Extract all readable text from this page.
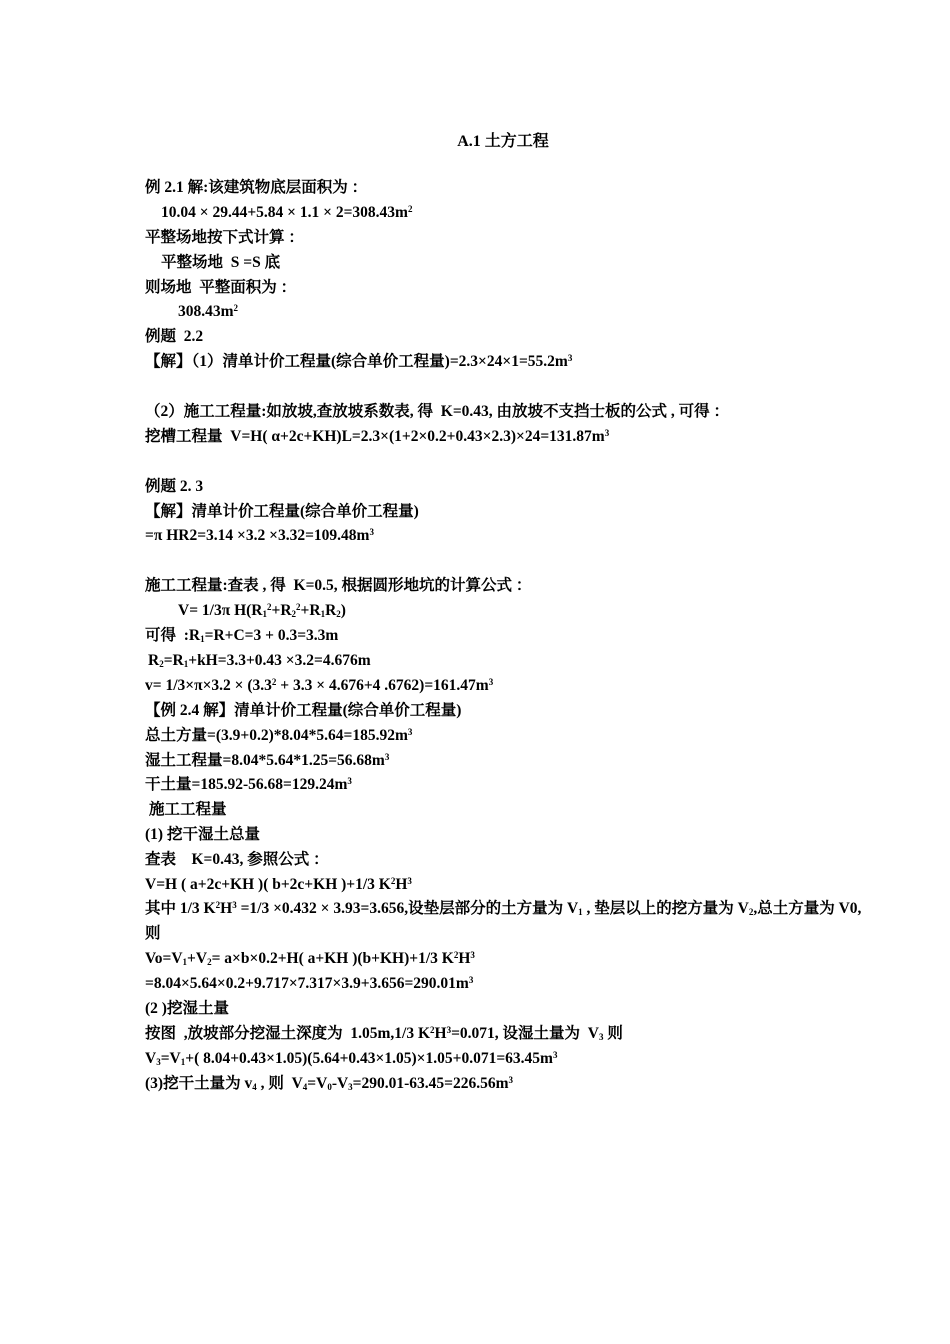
A.1 土方工程
例 2.1 解:该建筑物底层面积为 ：
$10.04 \times 29.44+5.84 \times 1.1 \times 2=308.43m^2$
平整场地按下式计算 ：
平整场地  S =S 底
则场地  平整面积为 ：
$308.43m^2$
例题  2.2
【解】（1）清单计价工程量(综合单价工程量)$=2.3\times 24\times 1=55.2m^3$
（2）施工工程量:如放坡,查放坡系数表, 得  K=0.43, 由放坡不支挡士板的公式 , 可得 ：
挖槽工程量  V=H( $\alpha+2c+KH)L=2.3\times(1+2\times 0.2+0.43\times 2.3)\times 24=131.87m^3$
例题 2. 3
【解】清单计价工程量(综合单价工程量)
=π $HR2=3.14 \times 3.2 \times 3.32=109.48m^3$
施工工程量:查表 , 得  K=0.5, 根据圆形地坑的计算公式 ：
V= 1/3π $H(R_1^2+R_2^2+R_1R_2)$
可得  $:R_1=R+C=3 + 0.3=3.3m$
$R_2=R_1+kH=3.3+0.43 \times 3.2=4.676m$
$v= 1/3\times\pi\times 3.2 \times (3.3^2 + 3.3 \times 4.676+4$ $.6762)=161.47m^3$
【例 2.4 解】清单计价工程量(综合单价工程量)
总土方量$=(3.9+0.2)*8.04*5.64=185.92m^3$
湿土工程量$=8.04*5.64*1.25=56.68m^3$
干土量$=185.92-56.68=129.24m^3$
施工工程量
(1) 挖干湿土总量
查表    K=0.43, 参照公式 ：
V=H ( a+2c+KH )( b+2c+KH )+1/3 $K^2H^3$
其中 1/3 $K^2H^3 =1/3 \times 0.432 \times 3.93=3.656$,设垫层部分的土方量为 $V_1$ , 垫层以上的挖方量为 $V_2$,总土方量为 V0,则
$Vo=V_1+V_2= a\times b\times 0.2+H$( a+KH )(b+KH)+1/3 $K^2H^3$
$=8.04\times 5.64\times 0.2+9.717\times 7.317\times 3.9+3.656=290.01m^3$
(2 )挖湿土量
按图  ,放坡部分挖湿土深度为  1.05m,1/3 $K^2H^3=0.071$, 设湿土量为  $V_3$ 则
$V_3=V_1+$( $8.04+0.43\times 1.05)(5.64+0.43\times 1.05)\times 1.05+0.071=63.45m^3$
(3)挖干土量为 $v_4$ , 则  $V_4=V_0-V_3=290.01-63.45=226.56m^3$
